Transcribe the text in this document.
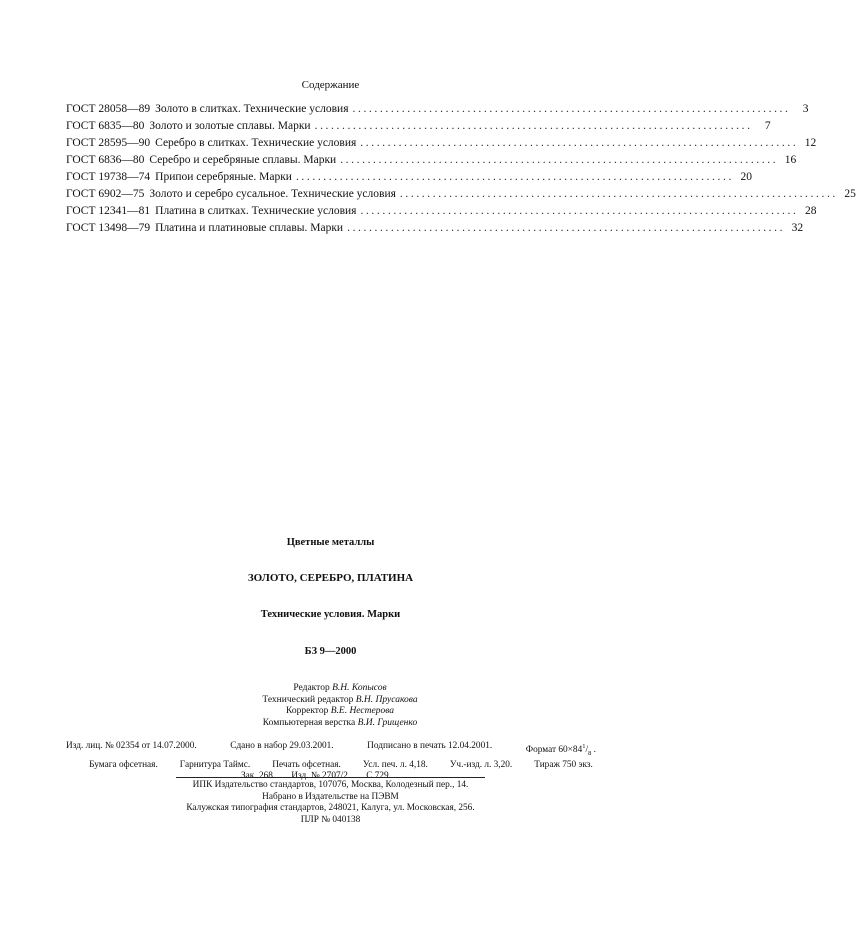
Содержание
ГОСТ 28058—89 Золото в слитках. Технические условия ................................................................................	3
ГОСТ 6835—80 Золото и золотые сплавы. Марки ................................................................................	7
ГОСТ 28595—90 Серебро в слитках. Технические условия ................................................................................ 12
ГОСТ 6836—80 Серебро и серебряные сплавы. Марки ................................................................................ 16
ГОСТ 19738—74 Припои серебряные. Марки ................................................................................ 20
ГОСТ 6902—75 Золото и серебро сусальное. Технические условия ................................................................................ 25
ГОСТ 12341—81 Платина в слитках. Технические условия ................................................................................ 28
ГОСТ 13498—79 Платина и платиновые сплавы. Марки ................................................................................ 32
Цветные металлы
ЗОЛОТО, СЕРЕБРО, ПЛАТИНА
Технические условия. Марки
БЗ 9—2000
Редактор В.Н. Копысов
Технический редактор В.Н. Прусакова
Корректор В.Е. Нестерова
Компьютерная верстка В.И. Грищенко
Изд. лиц. № 02354 от 14.07.2000.	Сдано в набор 29.03.2001.	Подписано в печать 12.04.2001.	Формат $60\times 84^1/_8$ .
Бумага офсетная. Гарнитура Таймс. Печать офсетная. Усл. печ. л. 4,18. Уч.-изд. л. 3,20. Тираж 750 экз.
Зак. 268. Изд. № 2707/2. С 729.
ИПК Издательство стандартов, 107076, Москва, Колодезный пер., 14.
Набрано в Издательстве на ПЭВМ
Калужская типография стандартов, 248021, Калуга, ул. Московская, 256.
ПЛР № 040138
